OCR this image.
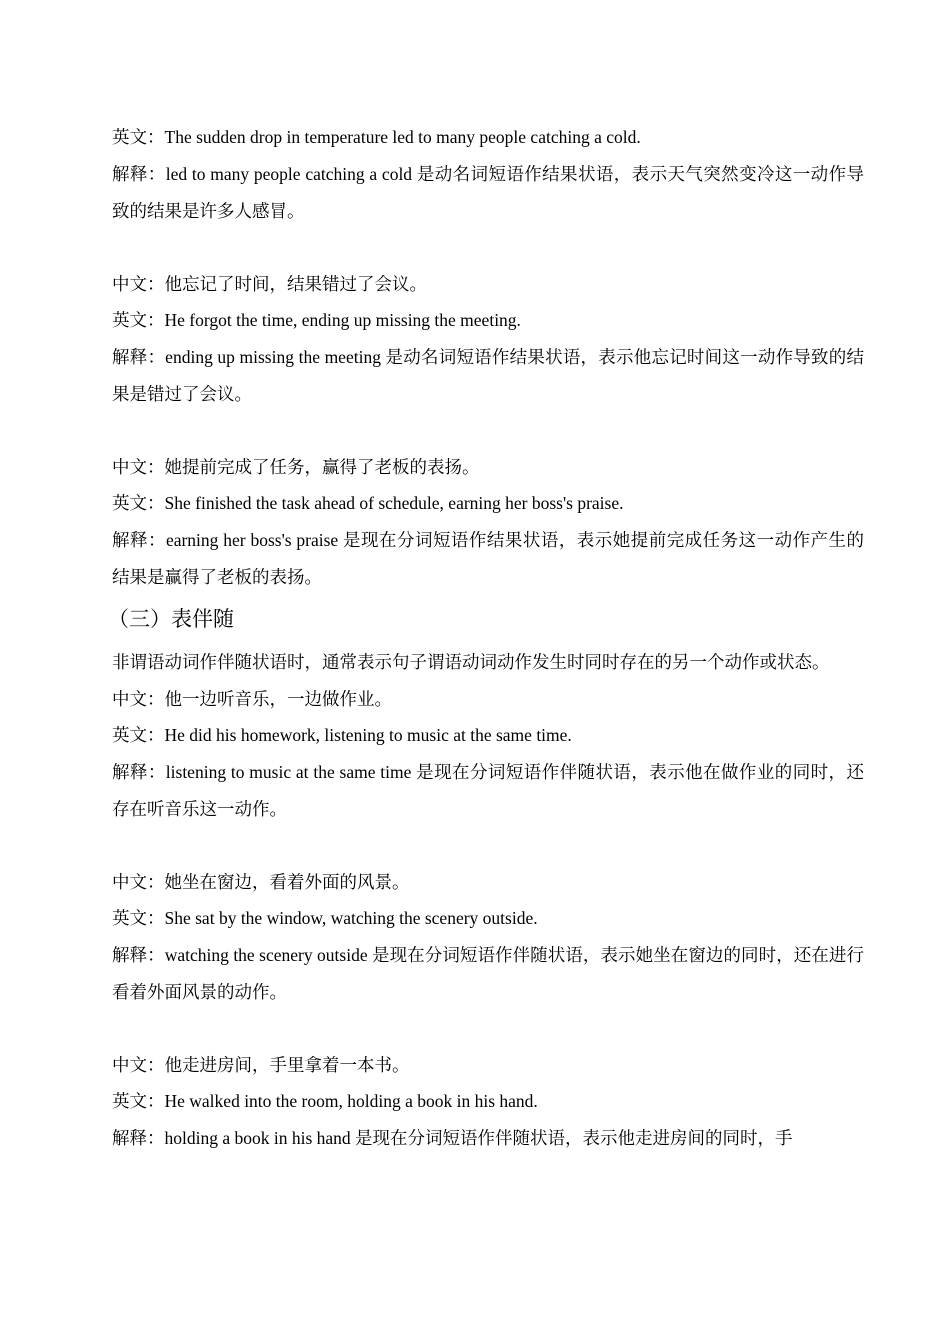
英文：The sudden drop in temperature led to many people catching a cold.
解释：led to many people catching a cold 是动名词短语作结果状语，表示天气突然变冷这一动作导致的结果是许多人感冒。
中文：他忘记了时间，结果错过了会议。
英文：He forgot the time, ending up missing the meeting.
解释：ending up missing the meeting 是动名词短语作结果状语，表示他忘记时间这一动作导致的结果是错过了会议。
中文：她提前完成了任务，赢得了老板的表扬。
英文：She finished the task ahead of schedule, earning her boss's praise.
解释：earning her boss's praise 是现在分词短语作结果状语，表示她提前完成任务这一动作产生的结果是赢得了老板的表扬。
（三）表伴随
非谓语动词作伴随状语时，通常表示句子谓语动词动作发生时同时存在的另一个动作或状态。
中文：他一边听音乐，一边做作业。
英文：He did his homework, listening to music at the same time.
解释：listening to music at the same time 是现在分词短语作伴随状语，表示他在做作业的同时，还存在听音乐这一动作。
中文：她坐在窗边，看着外面的风景。
英文：She sat by the window, watching the scenery outside.
解释：watching the scenery outside 是现在分词短语作伴随状语，表示她坐在窗边的同时，还在进行看着外面风景的动作。
中文：他走进房间，手里拿着一本书。
英文：He walked into the room, holding a book in his hand.
解释：holding a book in his hand 是现在分词短语作伴随状语，表示他走进房间的同时，手
